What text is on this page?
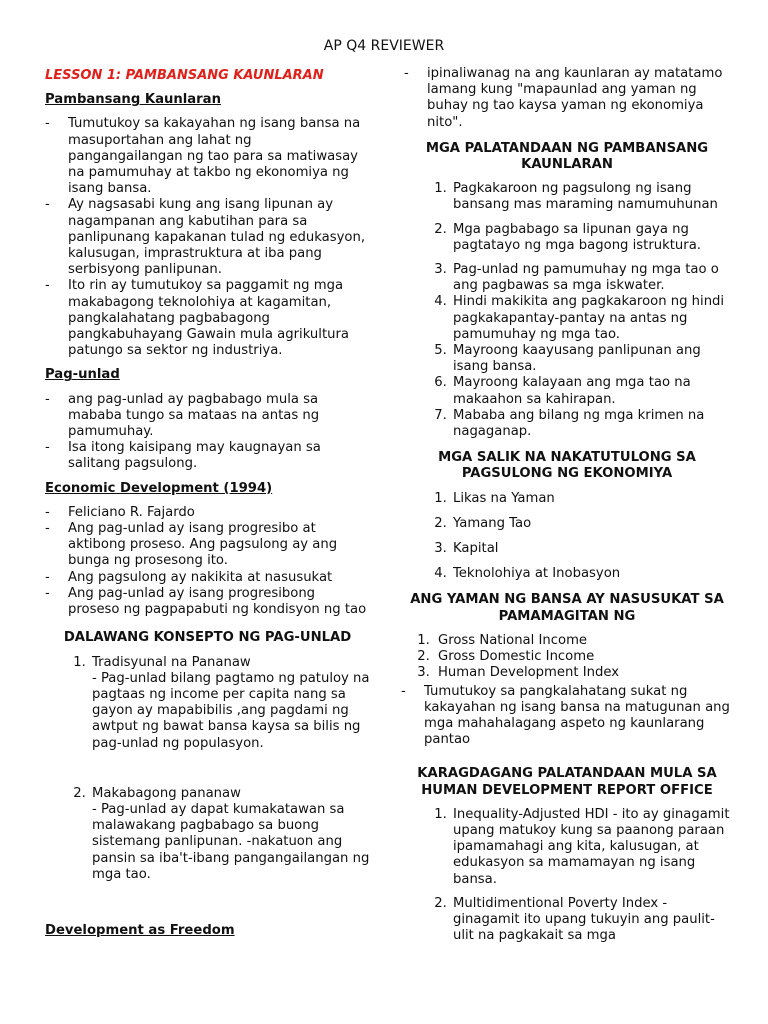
AP Q4 REVIEWER
LESSON 1: PAMBANSANG KAUNLARAN
Pambansang Kaunlaran
- Tumutukoy sa kakayahan ng isang bansa na masuportahan ang lahat ng pangangailangan ng tao para sa matiwasay na pamumuhay at takbo ng ekonomiya ng isang bansa.
- Ay nagsasabi kung ang isang lipunan ay nagampanan ang kabutihan para sa panlipunang kapakanan tulad ng edukasyon, kalusugan, imprastruktura at iba pang serbisyong panlipunan.
- Ito rin ay tumutukoy sa paggamit ng mga makabagong teknolohiya at kagamitan, pangkalahatang pagbabagong pangkabuhayang Gawain mula agrikultura patungo sa sektor ng industriya.
Pag-unlad
- ang pag-unlad ay pagbabago mula sa mababa tungo sa mataas na antas ng pamumuhay.
- Isa itong kaisipang may kaugnayan sa salitang pagsulong.
Economic Development (1994)
- Feliciano R. Fajardo
- Ang pag-unlad ay isang progresibo at aktibong proseso. Ang pagsulong ay ang bunga ng prosesong ito.
- Ang pagsulong ay nakikita at nasusukat
- Ang pag-unlad ay isang progresibong proseso ng pagpapabuti ng kondisyon ng tao
DALAWANG KONSEPTO NG PAG-UNLAD
1. Tradisyunal na Pananaw
- Pag-unlad bilang pagtamo ng patuloy na pagtaas ng income per capita nang sa gayon ay mapabibilis ,ang pagdami ng awtput ng bawat bansa kaysa sa bilis ng pag-unlad ng populasyon.
2. Makabagong pananaw
- Pag-unlad ay dapat kumakatawan sa malawakang pagbabago sa buong sistemang panlipunan. -nakatuon ang pansin sa iba't-ibang pangangailangan ng mga tao.
Development as Freedom
- ipinaliwanag na ang kaunlaran ay matatamo lamang kung "mapaunlad ang yaman ng buhay ng tao kaysa yaman ng ekonomiya nito".
MGA PALATANDAAN NG PAMBANSANG KAUNLARAN
1. Pagkakaroon ng pagsulong ng isang bansang mas maraming namumuhunan
2. Mga pagbabago sa lipunan gaya ng pagtatayo ng mga bagong istruktura.
3. Pag-unlad ng pamumuhay ng mga tao o ang pagbawas sa mga iskwater.
4. Hindi makikita ang pagkakaroon ng hindi pagkakapantay-pantay na antas ng pamumuhay ng mga tao.
5. Mayroong kaayusang panlipunan ang isang bansa.
6. Mayroong kalayaan ang mga tao na makaahon sa kahirapan.
7. Mababa ang bilang ng mga krimen na nagaganap.
MGA SALIK NA NAKATUTULONG SA PAGSULONG NG EKONOMIYA
1. Likas na Yaman
2. Yamang Tao
3. Kapital
4. Teknolohiya at Inobasyon
ANG YAMAN NG BANSA AY NASUSUKAT SA PAMAMAGITAN NG
1. Gross National Income
2. Gross Domestic Income
3. Human Development Index
- Tumutukoy sa pangkalahatang sukat ng kakayahan ng isang bansa na matugunan ang mga mahahalagang aspeto ng kaunlarang pantao
KARAGDAGANG PALATANDAAN MULA SA HUMAN DEVELOPMENT REPORT OFFICE
1. Inequality-Adjusted HDI - ito ay ginagamit upang matukoy kung sa paanong paraan ipamamahagi ang kita, kalusugan, at edukasyon sa mamamayan ng isang bansa.
2. Multidimentional Poverty Index - ginagamit ito upang tukuyin ang paulit-ulit na pagkakait sa mga
